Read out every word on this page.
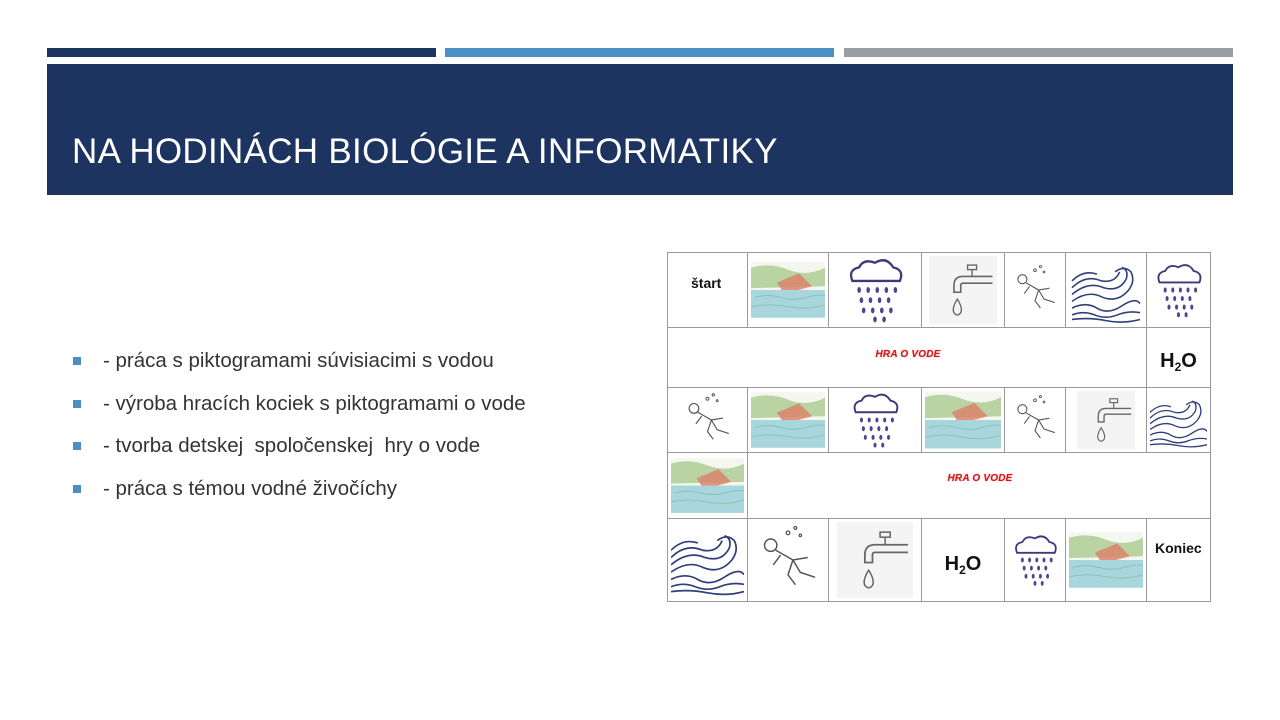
NA HODINÁCH BIOLÓGIE A INFORMATIKY
- práca s piktogramami súvisiacimi s vodou
- výroba hracích kociek s piktogramami o vode
- tvorba detskej  spoločenskej  hry o vode
- práca s témou vodné živočíchy
štart
HRA O VODE	$H_2O$
HRA O VODE
$H_2O$
Koniec
